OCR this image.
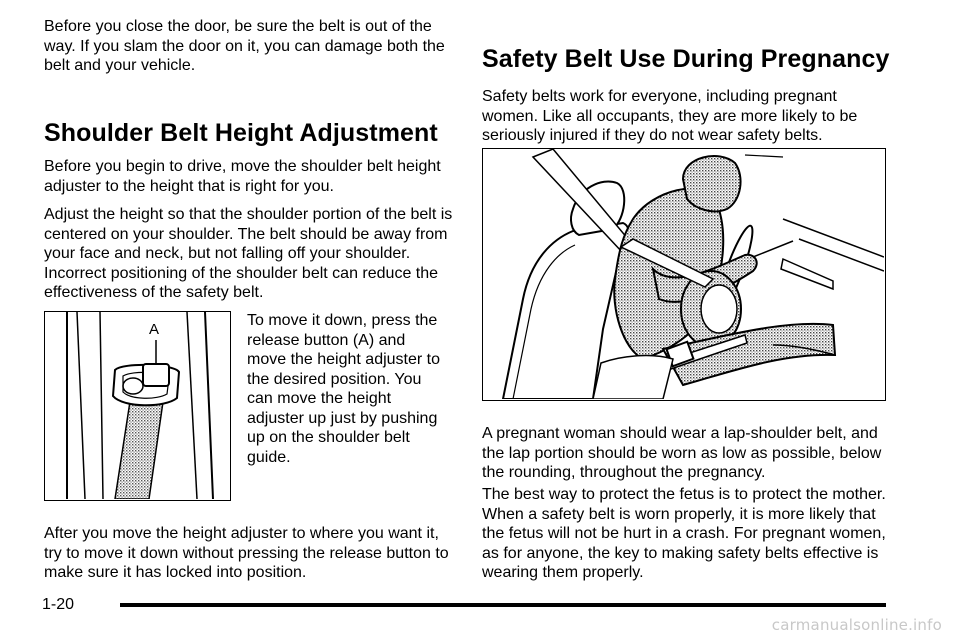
Before you close the door, be sure the belt is out of the way. If you slam the door on it, you can damage both the belt and your vehicle.

Shoulder Belt Height Adjustment

Before you begin to drive, move the shoulder belt height adjuster to the height that is right for you.

Adjust the height so that the shoulder portion of the belt is centered on your shoulder. The belt should be away from your face and neck, but not falling off your shoulder. Incorrect positioning of the shoulder belt can reduce the effectiveness of the safety belt.

A

To move it down, press the release button (A) and move the height adjuster to the desired position. You can move the height adjuster up just by pushing up on the shoulder belt guide.

After you move the height adjuster to where you want it, try to move it down without pressing the release button to make sure it has locked into position.

Safety Belt Use During Pregnancy

Safety belts work for everyone, including pregnant women. Like all occupants, they are more likely to be seriously injured if they do not wear safety belts.

A pregnant woman should wear a lap-shoulder belt, and the lap portion should be worn as low as possible, below the rounding, throughout the pregnancy.

The best way to protect the fetus is to protect the mother. When a safety belt is worn properly, it is more likely that the fetus will not be hurt in a crash. For pregnant women, as for anyone, the key to making safety belts effective is wearing them properly.

1-20
carmanualsonline.info
